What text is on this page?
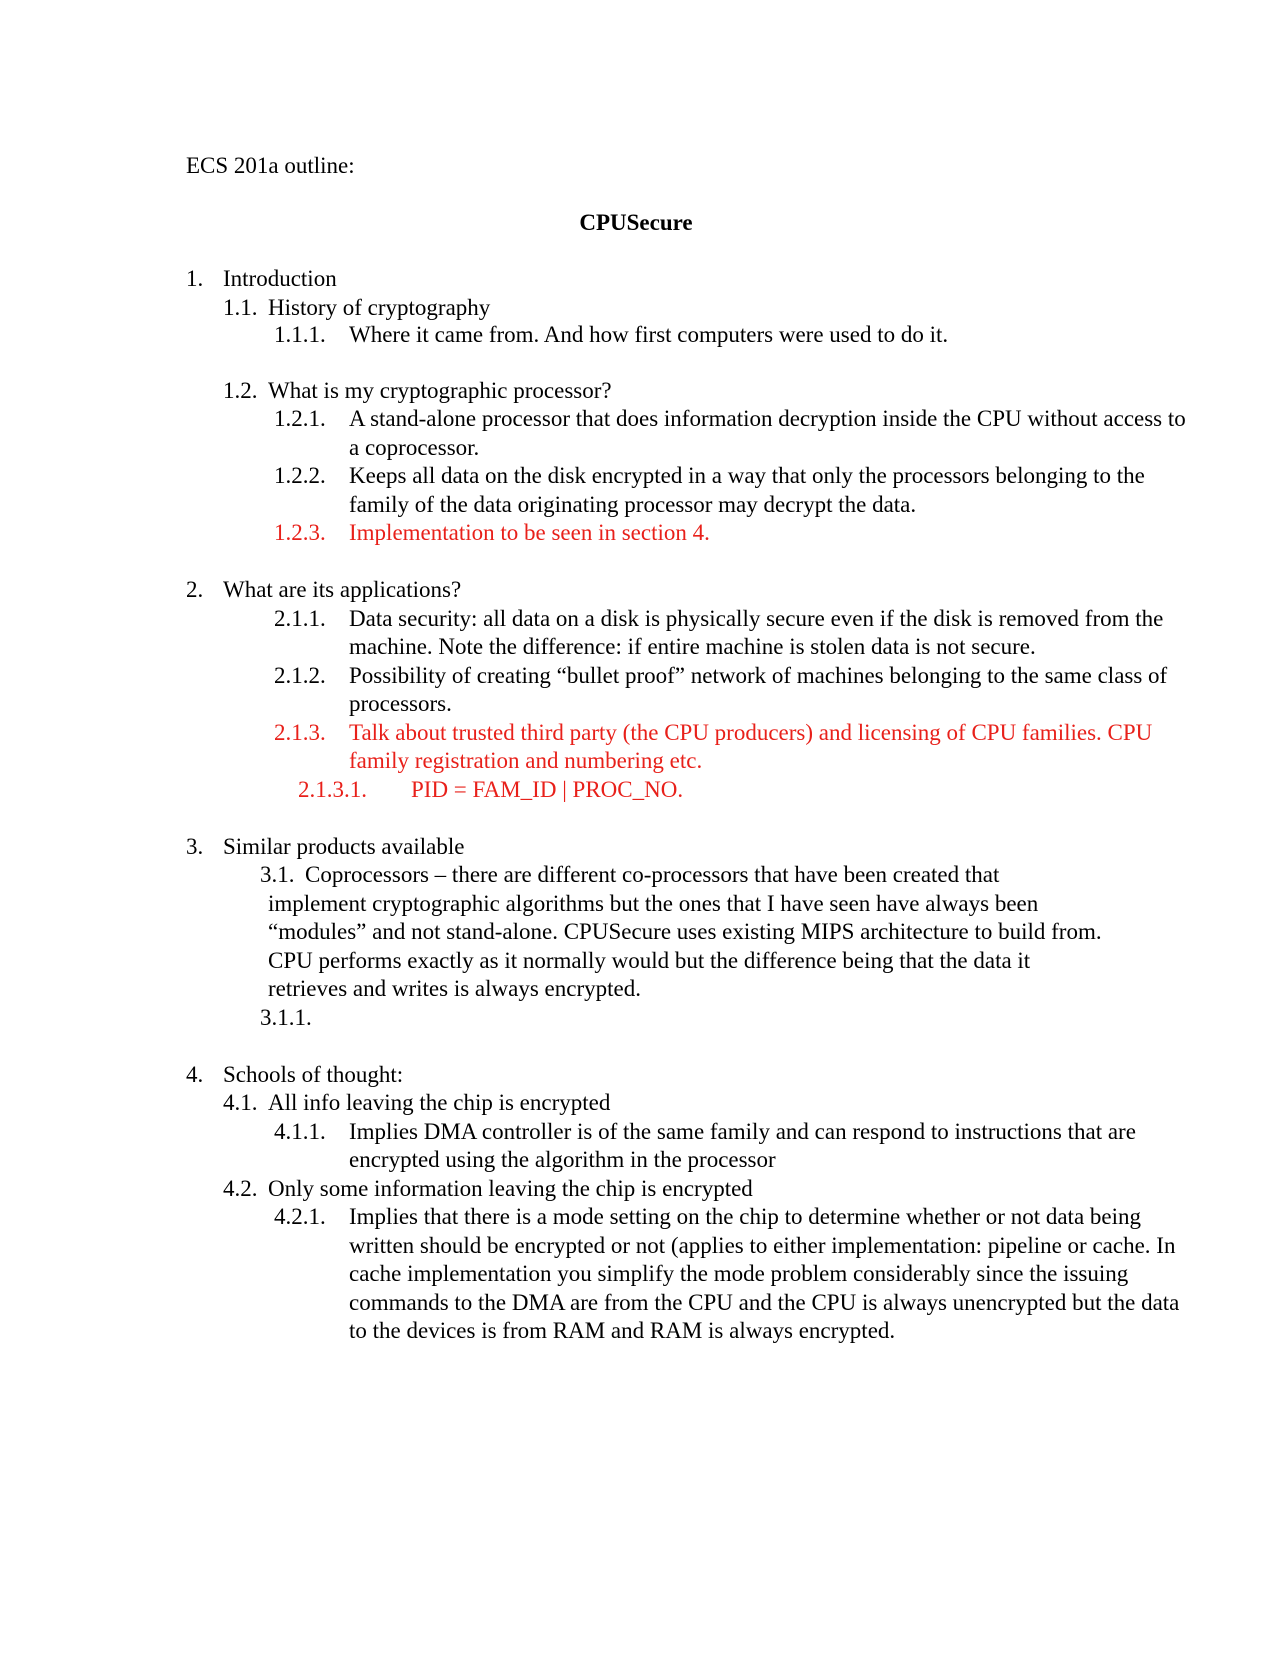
ECS 201a outline:
CPUSecure
1. Introduction
1.1. History of cryptography
1.1.1. Where it came from. And how first computers were used to do it.
1.2. What is my cryptographic processor?
1.2.1. A stand-alone processor that does information decryption inside the CPU without access to a coprocessor.
1.2.2. Keeps all data on the disk encrypted in a way that only the processors belonging to the family of the data originating processor may decrypt the data.
1.2.3. Implementation to be seen in section 4.
2. What are its applications?
2.1.1. Data security: all data on a disk is physically secure even if the disk is removed from the machine. Note the difference: if entire machine is stolen data is not secure.
2.1.2. Possibility of creating “bullet proof” network of machines belonging to the same class of processors.
2.1.3. Talk about trusted third party (the CPU producers) and licensing of CPU families. CPU family registration and numbering etc.
2.1.3.1.	PID = FAM_ID | PROC_NO.
3. Similar products available
3.1. Coprocessors – there are different co-processors that have been created that implement cryptographic algorithms but the ones that I have seen have always been “modules” and not stand-alone. CPUSecure uses existing MIPS architecture to build from. CPU performs exactly as it normally would but the difference being that the data it retrieves and writes is always encrypted.
3.1.1.
4. Schools of thought:
4.1. All info leaving the chip is encrypted
4.1.1. Implies DMA controller is of the same family and can respond to instructions that are encrypted using the algorithm in the processor
4.2. Only some information leaving the chip is encrypted
4.2.1. Implies that there is a mode setting on the chip to determine whether or not data being written should be encrypted or not (applies to either implementation: pipeline or cache. In cache implementation you simplify the mode problem considerably since the issuing commands to the DMA are from the CPU and the CPU is always unencrypted but the data to the devices is from RAM and RAM is always encrypted.
